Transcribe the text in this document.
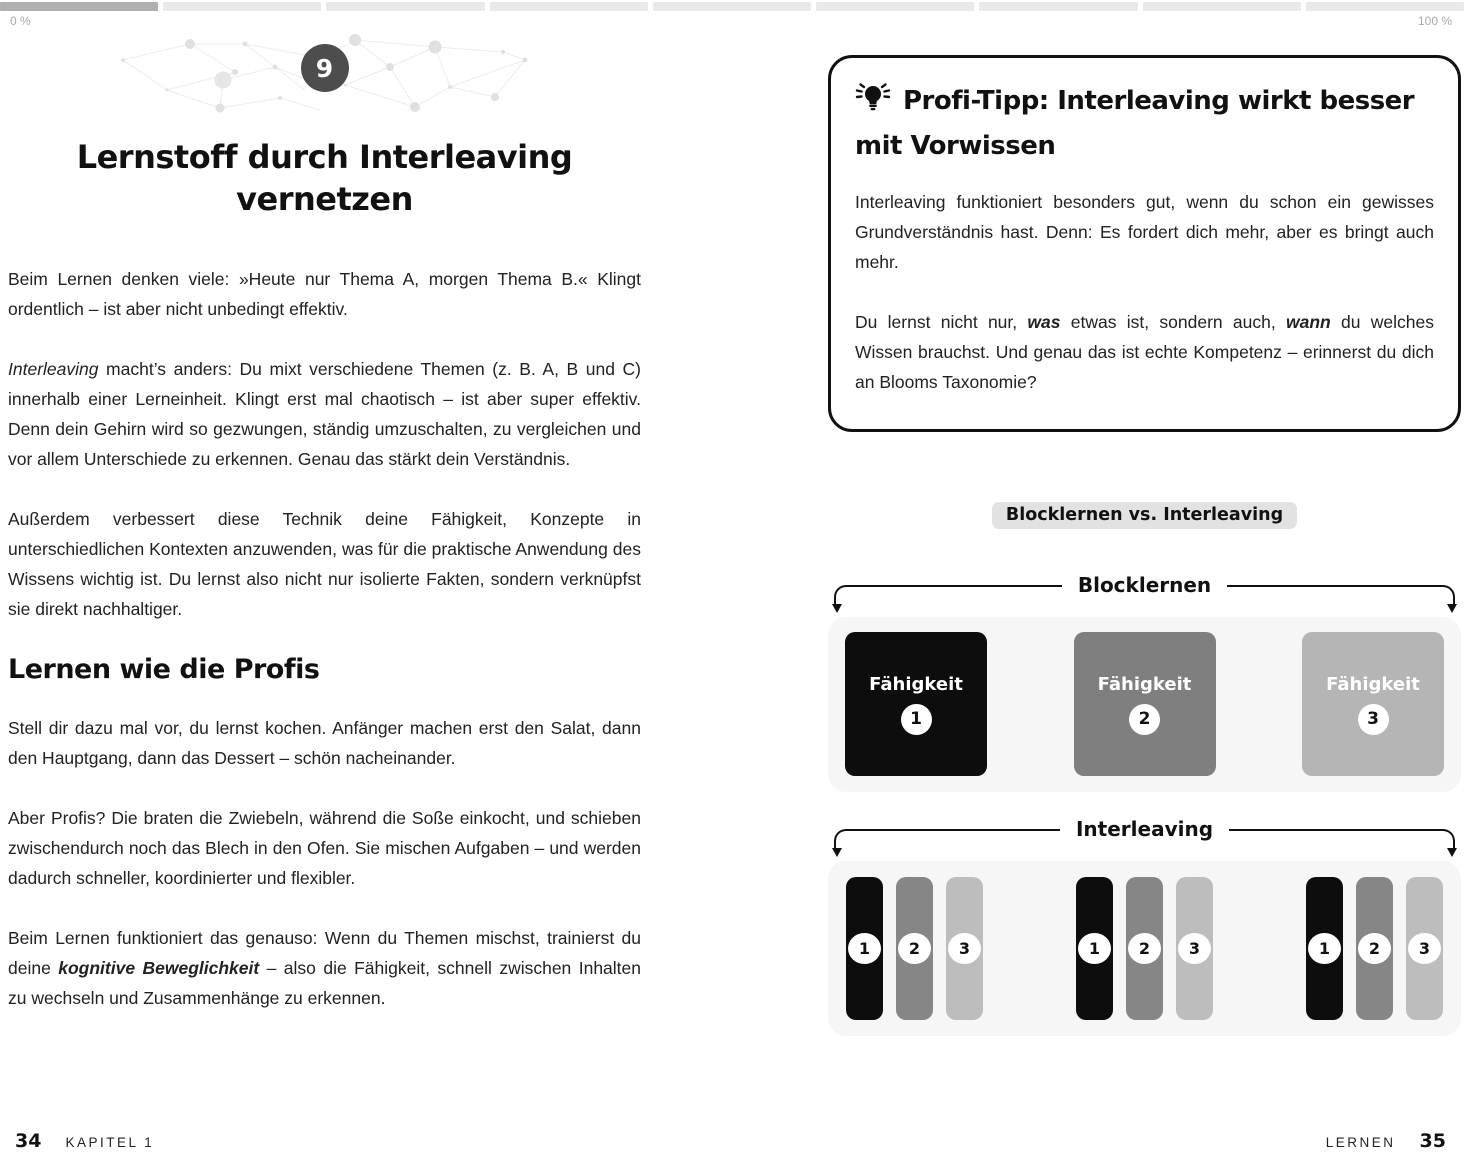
0 %	100 %
9
Lernstoff durch Interleaving vernetzen

Beim Lernen denken viele: »Heute nur Thema A, morgen Thema B.« Klingt ordentlich – ist aber nicht unbedingt effektiv.

Interleaving macht’s anders: Du mixt verschiedene Themen (z. B. A, B und C) innerhalb einer Lerneinheit. Klingt erst mal chaotisch – ist aber super effektiv. Denn dein Gehirn wird so gezwungen, ständig umzuschalten, zu vergleichen und vor allem Unterschiede zu erkennen. Genau das stärkt dein Verständnis.

Außerdem verbessert diese Technik deine Fähigkeit, Konzepte in unterschiedlichen Kontexten anzuwenden, was für die praktische Anwendung des Wissens wichtig ist. Du lernst also nicht nur isolierte Fakten, sondern verknüpfst sie direkt nachhaltiger.

Lernen wie die Profis

Stell dir dazu mal vor, du lernst kochen. Anfänger machen erst den Salat, dann den Hauptgang, dann das Dessert – schön nacheinander.

Aber Profis? Die braten die Zwiebeln, während die Soße einkocht, und schieben zwischendurch noch das Blech in den Ofen. Sie mischen Aufgaben – und werden dadurch schneller, koordinierter und flexibler.

Beim Lernen funktioniert das genauso: Wenn du Themen mischst, trainierst du deine kognitive Beweglichkeit – also die Fähigkeit, schnell zwischen Inhalten zu wechseln und Zusammenhänge zu erkennen.

Profi-Tipp: Interleaving wirkt besser mit Vorwissen

Interleaving funktioniert besonders gut, wenn du schon ein gewisses Grundverständnis hast. Denn: Es fordert dich mehr, aber es bringt auch mehr.

Du lernst nicht nur, was etwas ist, sondern auch, wann du welches Wissen brauchst. Und genau das ist echte Kompetenz – erinnerst du dich an Blooms Taxonomie?

Blocklernen vs. Interleaving
Blocklernen
Fähigkeit
1
Fähigkeit
2
Fähigkeit
3
Interleaving
1	2	3	1	2	3	1	2	3
34 KAPITEL 1	LERNEN 35
